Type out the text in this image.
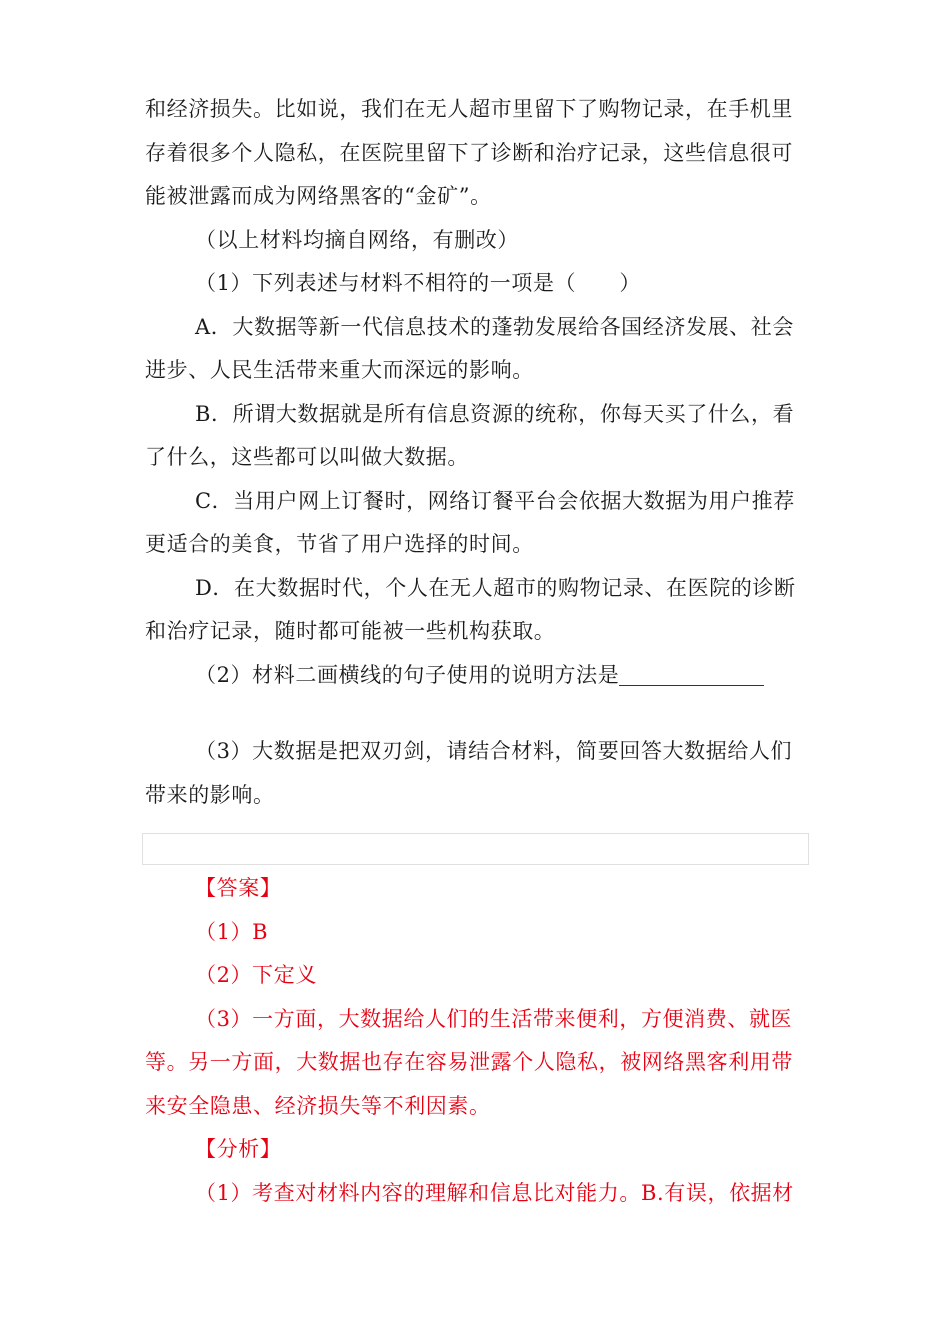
和经济损失。比如说，我们在无人超市里留下了购物记录，在手机里
存着很多个人隐私，在医院里留下了诊断和治疗记录，这些信息很可
能被泄露而成为网络黑客的“金矿”。
（以上材料均摘自网络，有删改）
（1）下列表述与材料不相符的一项是（　　）
A．大数据等新一代信息技术的蓬勃发展给各国经济发展、社会
进步、人民生活带来重大而深远的影响。
B．所谓大数据就是所有信息资源的统称，你每天买了什么，看
了什么，这些都可以叫做大数据。
C．当用户网上订餐时，网络订餐平台会依据大数据为用户推荐
更适合的美食，节省了用户选择的时间。
D．在大数据时代，个人在无人超市的购物记录、在医院的诊断
和治疗记录，随时都可能被一些机构获取。
（2）材料二画横线的句子使用的说明方法是
（3）大数据是把双刃剑，请结合材料，简要回答大数据给人们
带来的影响。
【答案】
（1）B
（2）下定义
（3）一方面，大数据给人们的生活带来便利，方便消费、就医
等。另一方面，大数据也存在容易泄露个人隐私，被网络黑客利用带
来安全隐患、经济损失等不利因素。
【分析】
（1）考查对材料内容的理解和信息比对能力。B.有误，依据材
